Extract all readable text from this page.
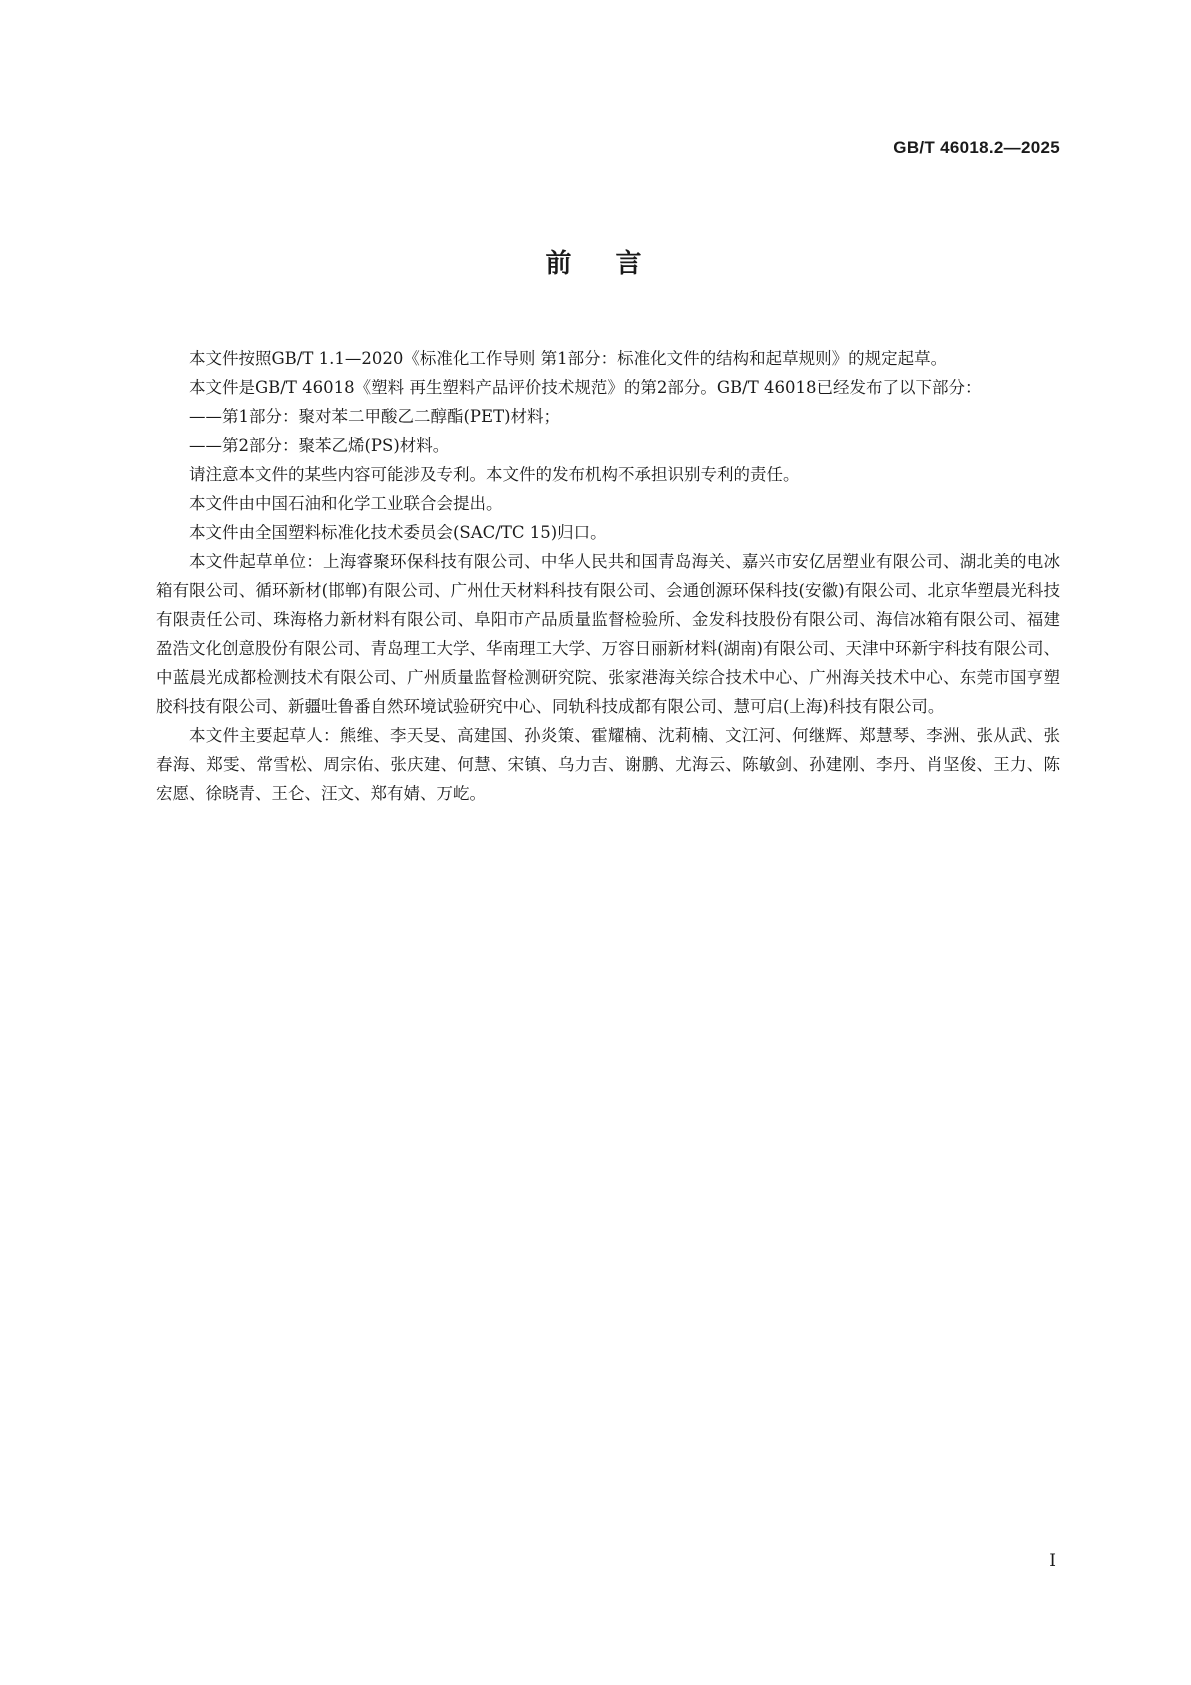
GB/T 46018.2—2025
前言

本文件按照GB/T 1.1—2020《标准化工作导则 第1部分：标准化文件的结构和起草规则》的规定起草。

本文件是GB/T 46018《塑料 再生塑料产品评价技术规范》的第2部分。GB/T 46018已经发布了以下部分：

——第1部分：聚对苯二甲酸乙二醇酯(PET)材料；

——第2部分：聚苯乙烯(PS)材料。

请注意本文件的某些内容可能涉及专利。本文件的发布机构不承担识别专利的责任。

本文件由中国石油和化学工业联合会提出。

本文件由全国塑料标准化技术委员会(SAC/TC 15)归口。

本文件起草单位：上海睿聚环保科技有限公司、中华人民共和国青岛海关、嘉兴市安亿居塑业有限公司、湖北美的电冰箱有限公司、循环新材(邯郸)有限公司、广州仕天材料科技有限公司、会通创源环保科技(安徽)有限公司、北京华塑晨光科技有限责任公司、珠海格力新材料有限公司、阜阳市产品质量监督检验所、金发科技股份有限公司、海信冰箱有限公司、福建盈浩文化创意股份有限公司、青岛理工大学、华南理工大学、万容日丽新材料(湖南)有限公司、天津中环新宇科技有限公司、中蓝晨光成都检测技术有限公司、广州质量监督检测研究院、张家港海关综合技术中心、广州海关技术中心、东莞市国亨塑胶科技有限公司、新疆吐鲁番自然环境试验研究中心、同轨科技成都有限公司、慧可启(上海)科技有限公司。

本文件主要起草人：熊维、李天旻、高建国、孙炎策、霍耀楠、沈莉楠、文江河、何继辉、郑慧琴、李洲、张从武、张春海、郑雯、常雪松、周宗佑、张庆建、何慧、宋镇、乌力吉、谢鹏、尤海云、陈敏剑、孙建刚、李丹、肖坚俊、王力、陈宏愿、徐晓青、王仑、汪文、郑有婧、万屹。

I
